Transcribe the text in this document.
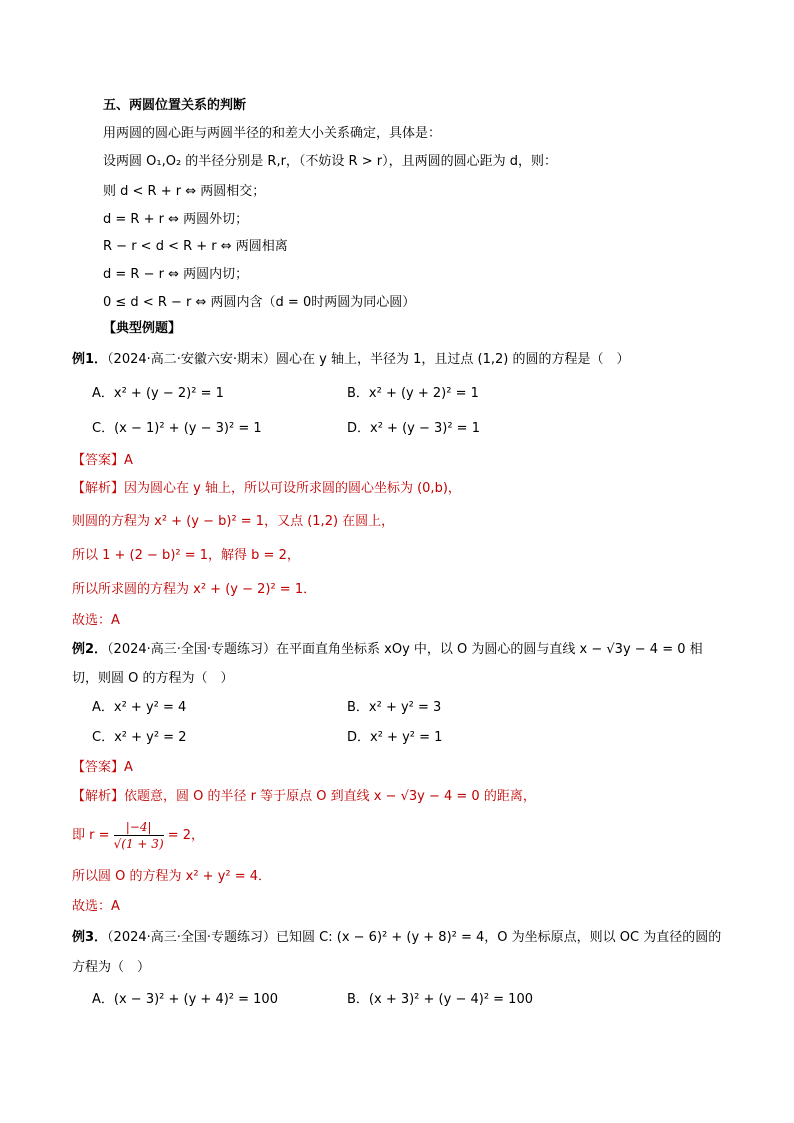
五、两圆位置关系的判断
用两圆的圆心距与两圆半径的和差大小关系确定，具体是：
设两圆 O₁,O₂ 的半径分别是 R,r，（不妨设 R > r），且两圆的圆心距为 d，则：
则 d < R + r ⇔ 两圆相交；
d = R + r ⇔ 两圆外切；
R − r < d < R + r ⇔ 两圆相离
d = R − r ⇔ 两圆内切；
0 ≤ d < R − r ⇔ 两圆内含（d = 0时两圆为同心圆）
【典型例题】
例1．（2024·高二·安徽六安·期末）圆心在 y 轴上，半径为 1，且过点 (1,2) 的圆的方程是（　）
A．x² + (y − 2)² = 1	B．x² + (y + 2)² = 1
C．(x − 1)² + (y − 3)² = 1	D．x² + (y − 3)² = 1
【答案】A
【解析】因为圆心在 y 轴上，所以可设所求圆的圆心坐标为 (0,b)，
则圆的方程为 x² + (y − b)² = 1，又点 (1,2) 在圆上，
所以 1 + (2 − b)² = 1，解得 b = 2，
所以所求圆的方程为 x² + (y − 2)² = 1．
故选：A
例2．（2024·高三·全国·专题练习）在平面直角坐标系 xOy 中，以 O 为圆心的圆与直线 x − √3y − 4 = 0 相
切，则圆 O 的方程为（　）
A．x² + y² = 4	B．x² + y² = 3
C．x² + y² = 2	D．x² + y² = 1
【答案】A
【解析】依题意，圆 O 的半径 r 等于原点 O 到直线 x − √3y − 4 = 0 的距离，
即 $r = \frac{|-4|}{√(1 + 3)} = 2$，
所以圆 O 的方程为 x² + y² = 4．
故选：A
例3．（2024·高三·全国·专题练习）已知圆 C: (x − 6)² + (y + 8)² = 4，O 为坐标原点，则以 OC 为直径的圆的
方程为（　）
A．(x − 3)² + (y + 4)² = 100	B．(x + 3)² + (y − 4)² = 100
